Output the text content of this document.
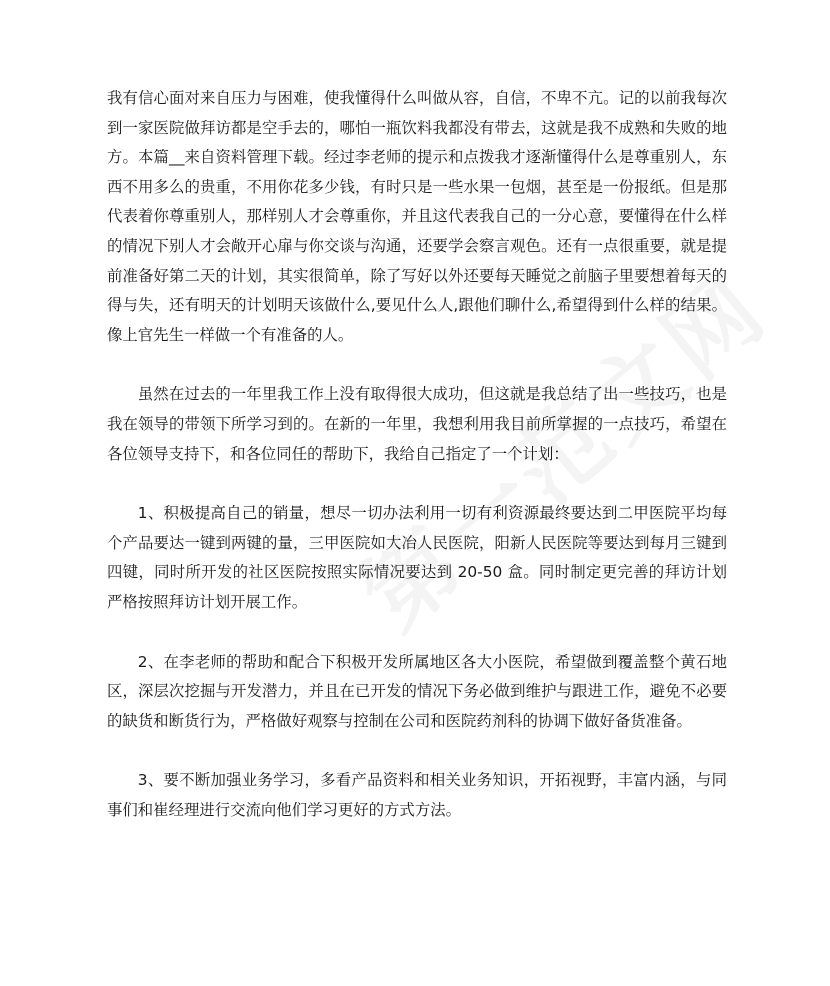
我有信心面对来自压力与困难，使我懂得什么叫做从容，自信，不卑不亢。记的以前我每次到一家医院做拜访都是空手去的，哪怕一瓶饮料我都没有带去，这就是我不成熟和失败的地方。本篇__来自资料管理下载。经过李老师的提示和点拨我才逐渐懂得什么是尊重别人，东西不用多么的贵重，不用你花多少钱，有时只是一些水果一包烟，甚至是一份报纸。但是那代表着你尊重别人，那样别人才会尊重你，并且这代表我自己的一分心意，要懂得在什么样的情况下别人才会敞开心扉与你交谈与沟通，还要学会察言观色。还有一点很重要，就是提前准备好第二天的计划，其实很简单，除了写好以外还要每天睡觉之前脑子里要想着每天的得与失，还有明天的计划明天该做什么,要见什么人,跟他们聊什么,希望得到什么样的结果。像上官先生一样做一个有准备的人。

虽然在过去的一年里我工作上没有取得很大成功，但这就是我总结了出一些技巧，也是我在领导的带领下所学习到的。在新的一年里，我想利用我目前所掌握的一点技巧，希望在各位领导支持下，和各位同任的帮助下，我给自己指定了一个计划：

1、积极提高自己的销量，想尽一切办法利用一切有利资源最终要达到二甲医院平均每个产品要达一键到两键的量，三甲医院如大冶人民医院，阳新人民医院等要达到每月三键到四键，同时所开发的社区医院按照实际情况要达到 20-50 盒。同时制定更完善的拜访计划严格按照拜访计划开展工作。

2、在李老师的帮助和配合下积极开发所属地区各大小医院，希望做到覆盖整个黄石地区，深层次挖掘与开发潜力，并且在已开发的情况下务必做到维护与跟进工作，避免不必要的缺货和断货行为，严格做好观察与控制在公司和医院药剂科的协调下做好备货准备。

3、要不断加强业务学习，多看产品资料和相关业务知识，开拓视野，丰富内涵，与同事们和崔经理进行交流向他们学习更好的方式方法。
